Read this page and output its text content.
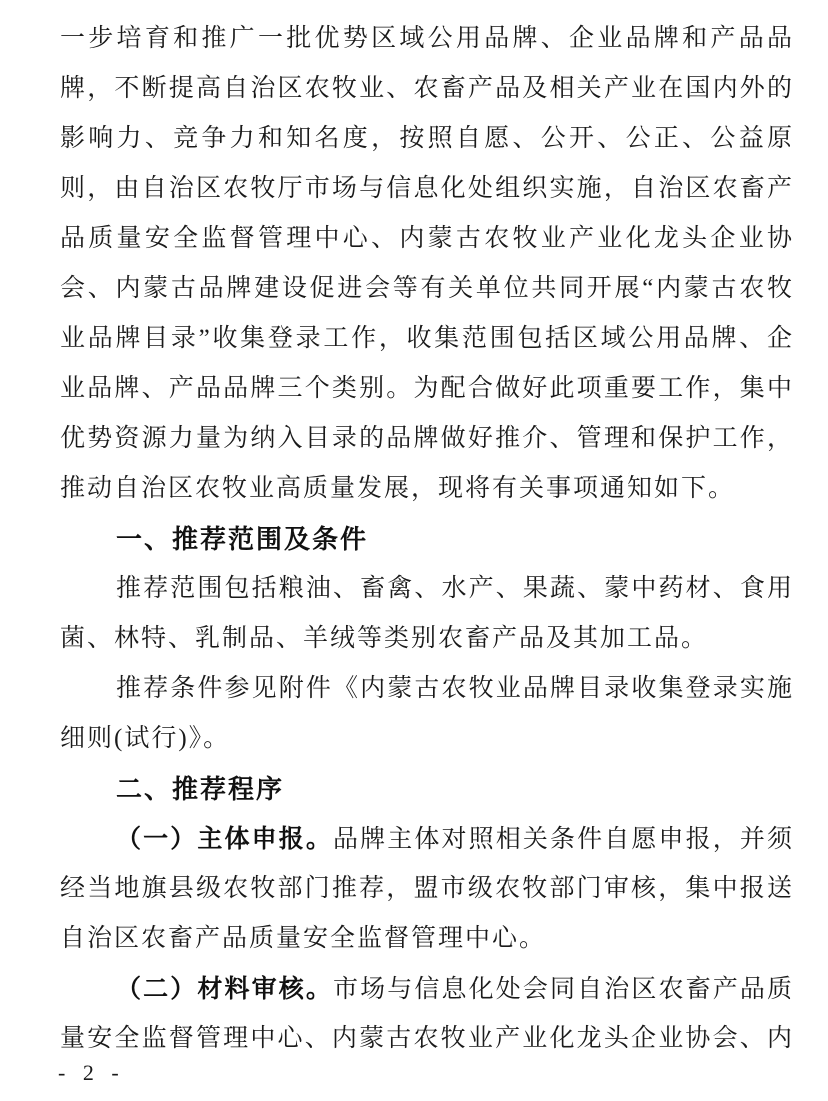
一步培育和推广一批优势区域公用品牌、企业品牌和产品品
牌，不断提高自治区农牧业、农畜产品及相关产业在国内外的
影响力、竞争力和知名度，按照自愿、公开、公正、公益原
则，由自治区农牧厅市场与信息化处组织实施，自治区农畜产
品质量安全监督管理中心、内蒙古农牧业产业化龙头企业协
会、内蒙古品牌建设促进会等有关单位共同开展“内蒙古农牧
业品牌目录”收集登录工作，收集范围包括区域公用品牌、企
业品牌、产品品牌三个类别。为配合做好此项重要工作，集中
优势资源力量为纳入目录的品牌做好推介、管理和保护工作，
推动自治区农牧业高质量发展，现将有关事项通知如下。
一、推荐范围及条件
推荐范围包括粮油、畜禽、水产、果蔬、蒙中药材、食用
菌、林特、乳制品、羊绒等类别农畜产品及其加工品。
推荐条件参见附件《内蒙古农牧业品牌目录收集登录实施
细则(试行)》。
二、推荐程序
（一）主体申报。品牌主体对照相关条件自愿申报，并须
经当地旗县级农牧部门推荐，盟市级农牧部门审核，集中报送
自治区农畜产品质量安全监督管理中心。
（二）材料审核。市场与信息化处会同自治区农畜产品质
量安全监督管理中心、内蒙古农牧业产业化龙头企业协会、内
- 2 -
